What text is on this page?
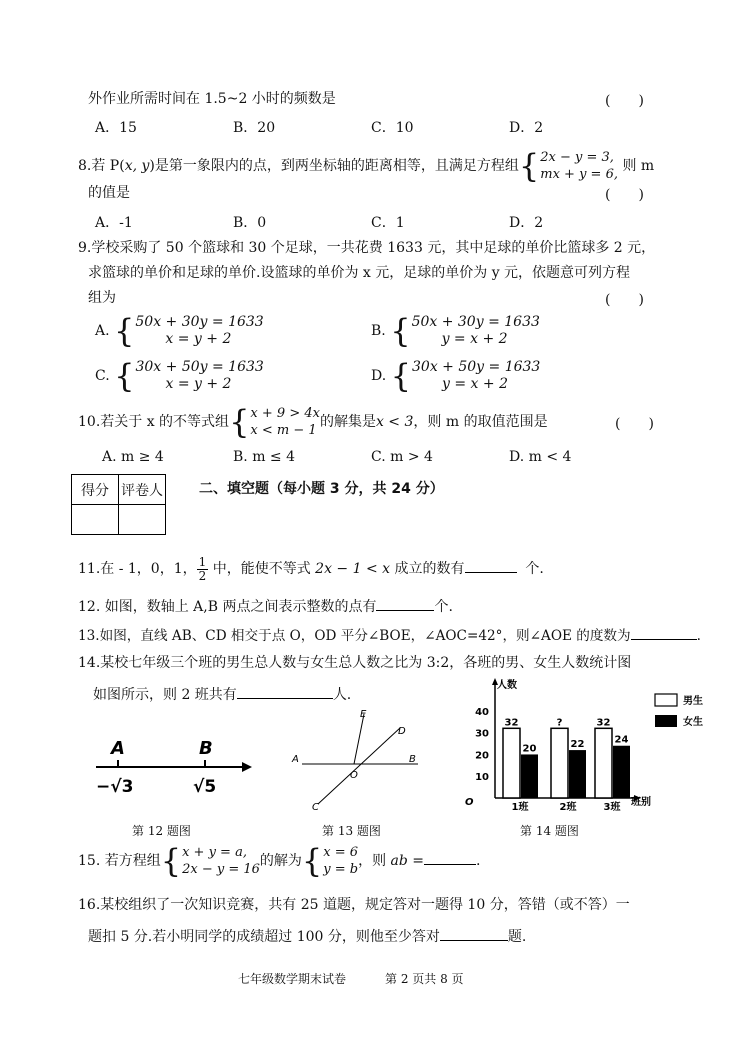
外作业所需时间在 1.5~2 小时的频数是	(　　)
A．15	B．20	C．10	D．2
8.若 P(x, y)是第一象限内的点，到两坐标轴的距离相等，且满足方程组{2x − y = 3,
mx + y = 6, 则 m
的值是	(　　)
A．-1	B．0	C．1	D．2
9.学校采购了 50 个篮球和 30 个足球，一共花费 1633 元，其中足球的单价比篮球多 2 元，
求篮球的单价和足球的单价.设篮球的单价为 x 元，足球的单价为 y 元，依题意可列方程
组为	(　　)
A. {50x + 30y = 1633
x = y + 2	B. {50x + 30y = 1633
y = x + 2
C. {30x + 50y = 1633
x = y + 2	D. {30x + 50y = 1633
y = x + 2
10.若关于 x 的不等式组{x + 9 > 4x
x < m − 1的解集是x < 3，则 m 的取值范围是	(　　)
A. m ≥ 4	B. m ≤ 4	C. m > 4	D. m < 4
得分	评卷人
		二、填空题（每小题 3 分，共 24 分）
11.在 - 1，0，1，$\frac{1}{2}$ 中，能使不等式 2x − 1 < x 成立的数有	个.
12. 如图，数轴上 A,B 两点之间表示整数的点有	个.
13.如图，直线 AB、CD 相交于点 O，OD 平分∠BOE，∠AOC=42°，则∠AOE 的度数为	.
14.某校七年级三个班的男生总人数与女生总人数之比为 3:2，各班的男、女生人数统计图
如图所示，则 2 班共有	人.
A	B
−√3	√5
第 12 题图
E
D
A	B
O
C
第 13 题图
人数
班别
O
10
20
30
40
32
20
1班
?
22
2班
32
24
3班
男生
女生
第 14 题图
15. 若方程组{x + y = a,
2x − y = 16的解为{x = 6
y = b，则 ab =	.
16.某校组织了一次知识竞赛，共有 25 道题，规定答对一题得 10 分，答错（或不答）一
题扣 5 分.若小明同学的成绩超过 100 分，则他至少答对	题.
七年级数学期末试卷	第 2 页共 8 页
